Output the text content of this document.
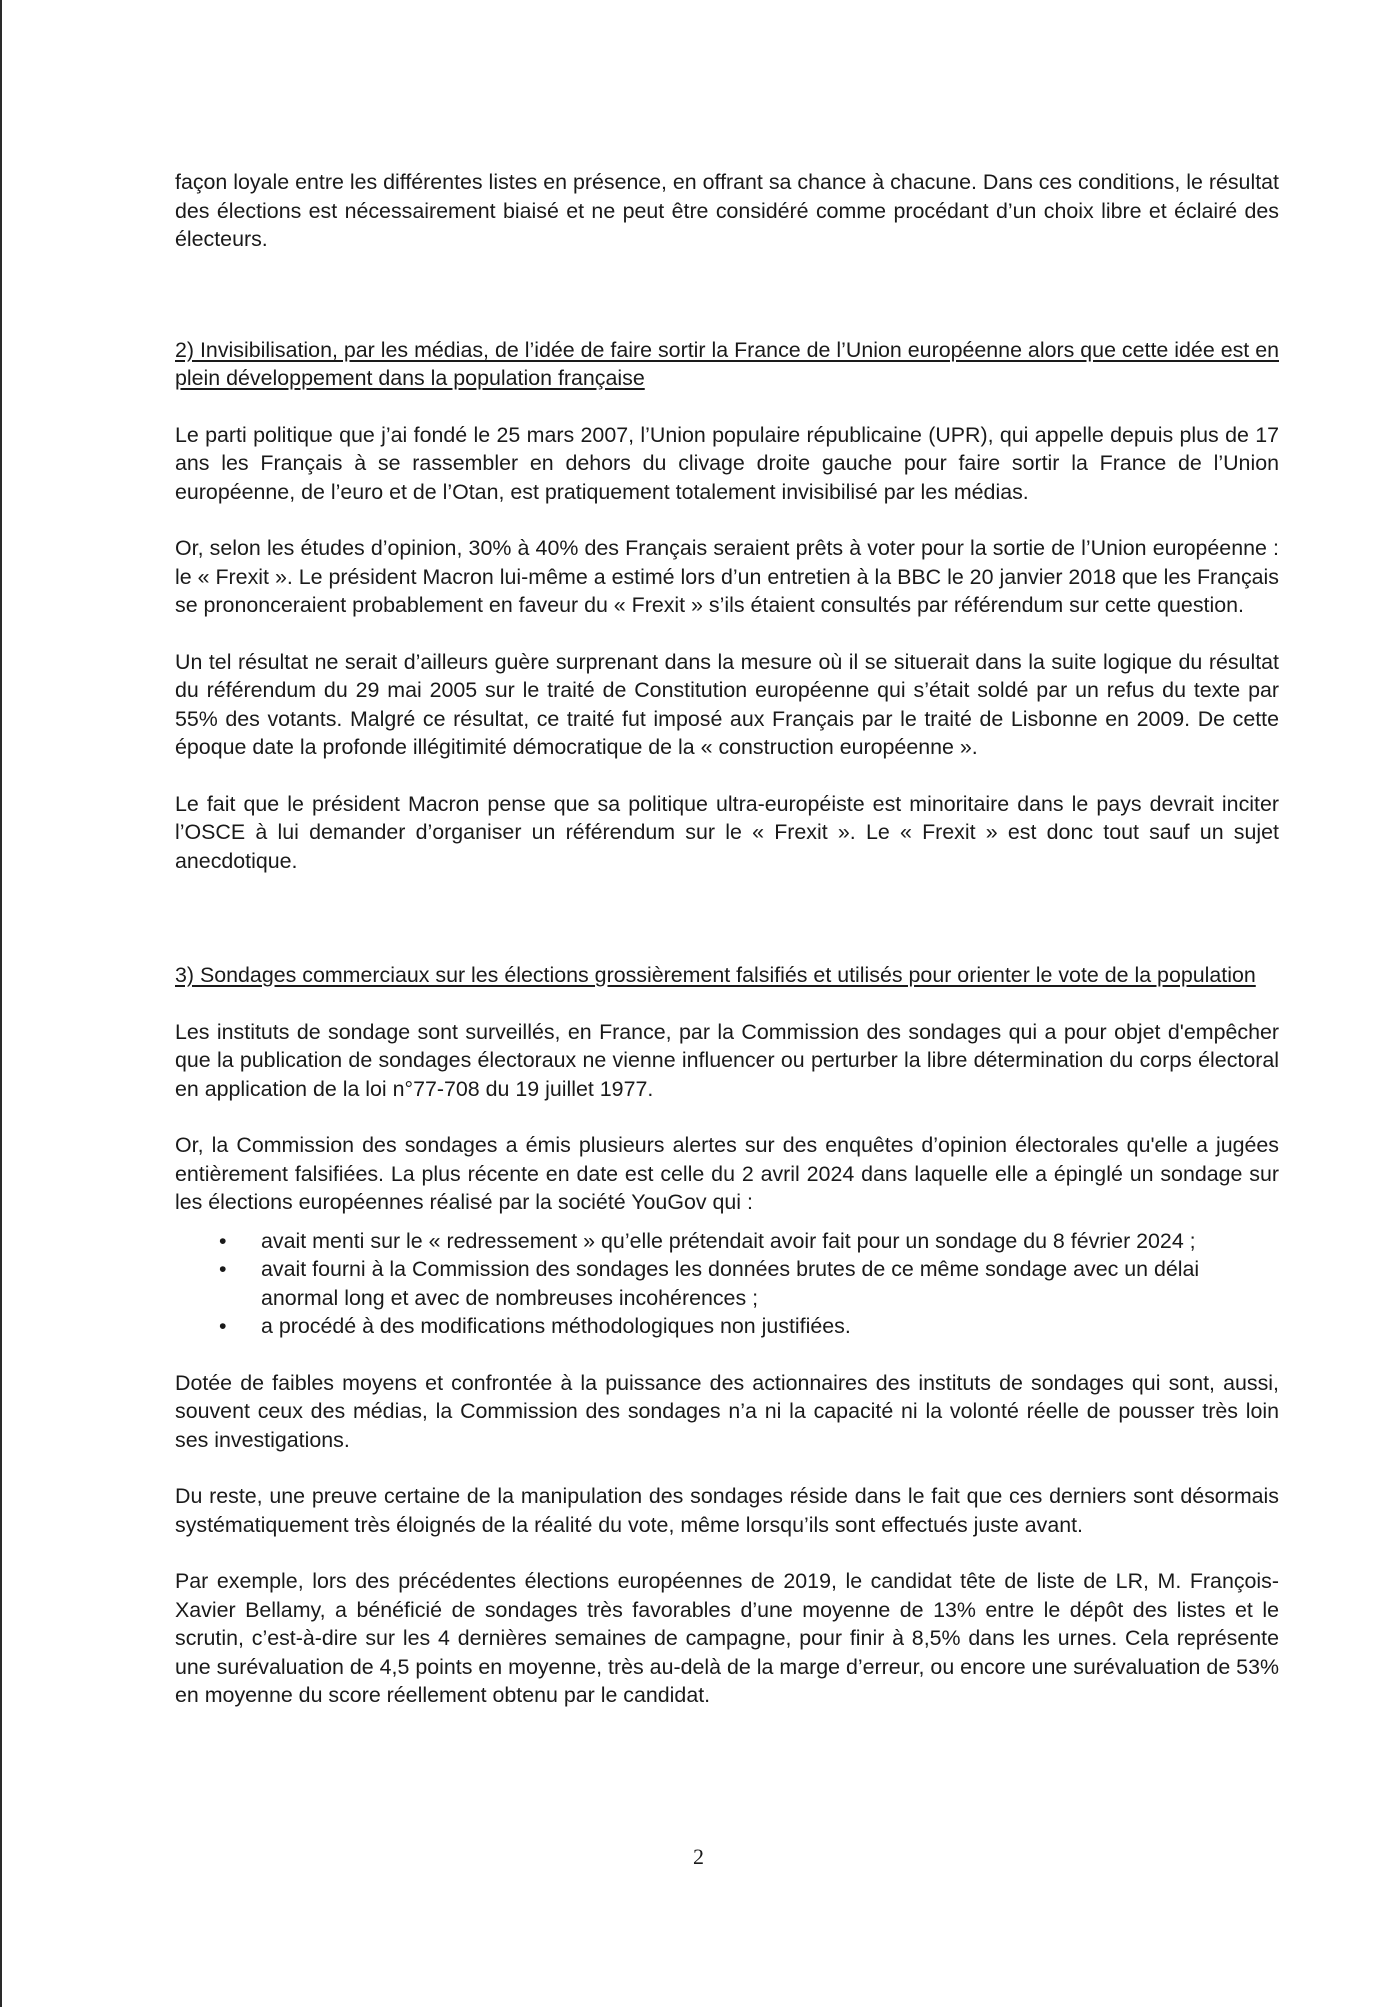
façon loyale entre les différentes listes en présence, en offrant sa chance à chacune. Dans ces conditions, le résultat des élections est nécessairement biaisé et ne peut être considéré comme procédant d’un choix libre et éclairé des électeurs.

2) Invisibilisation, par les médias, de l’idée de faire sortir la France de l’Union européenne alors que cette idée est en plein développement dans la population française

Le parti politique que j’ai fondé le 25 mars 2007, l’Union populaire républicaine (UPR), qui appelle depuis plus de 17 ans les Français à se rassembler en dehors du clivage droite gauche pour faire sortir la France de l’Union européenne, de l’euro et de l’Otan, est pratiquement totalement invisibilisé par les médias.

Or, selon les études d’opinion, 30% à 40% des Français seraient prêts à voter pour la sortie de l’Union européenne : le « Frexit ». Le président Macron lui-même a estimé lors d’un entretien à la BBC le 20 janvier 2018 que les Français se prononceraient probablement en faveur du « Frexit » s’ils étaient consultés par référendum sur cette question.

Un tel résultat ne serait d’ailleurs guère surprenant dans la mesure où il se situerait dans la suite logique du résultat du référendum du 29 mai 2005 sur le traité de Constitution européenne qui s’était soldé par un refus du texte par 55% des votants. Malgré ce résultat, ce traité fut imposé aux Français par le traité de Lisbonne en 2009. De cette époque date la profonde illégitimité démocratique de la « construction européenne ».

Le fait que le président Macron pense que sa politique ultra-européiste est minoritaire dans le pays devrait inciter l’OSCE à lui demander d’organiser un référendum sur le « Frexit ». Le « Frexit » est donc tout sauf un sujet anecdotique.

3) Sondages commerciaux sur les élections grossièrement falsifiés et utilisés pour orienter le vote de la population

Les instituts de sondage sont surveillés, en France, par la Commission des sondages qui a pour objet d'empêcher que la publication de sondages électoraux ne vienne influencer ou perturber la libre détermination du corps électoral en application de la loi n°77-708 du 19 juillet 1977.

Or, la Commission des sondages a émis plusieurs alertes sur des enquêtes d’opinion électorales qu'elle a jugées entièrement falsifiées. La plus récente en date est celle du 2 avril 2024 dans laquelle elle a épinglé un sondage sur les élections européennes réalisé par la société YouGov qui :

• avait menti sur le « redressement » qu’elle prétendait avoir fait pour un sondage du 8 février 2024 ;
• avait fourni à la Commission des sondages les données brutes de ce même sondage avec un délai anormal long et avec de nombreuses incohérences ;
• a procédé à des modifications méthodologiques non justifiées.

Dotée de faibles moyens et confrontée à la puissance des actionnaires des instituts de sondages qui sont, aussi, souvent ceux des médias, la Commission des sondages n’a ni la capacité ni la volonté réelle de pousser très loin ses investigations.

Du reste, une preuve certaine de la manipulation des sondages réside dans le fait que ces derniers sont désormais systématiquement très éloignés de la réalité du vote, même lorsqu’ils sont effectués juste avant.

Par exemple, lors des précédentes élections européennes de 2019, le candidat tête de liste de LR, M. François-Xavier Bellamy, a bénéficié de sondages très favorables d’une moyenne de 13% entre le dépôt des listes et le scrutin, c’est-à-dire sur les 4 dernières semaines de campagne, pour finir à 8,5% dans les urnes. Cela représente une surévaluation de 4,5 points en moyenne, très au-delà de la marge d’erreur, ou encore une surévaluation de 53% en moyenne du score réellement obtenu par le candidat.

2
